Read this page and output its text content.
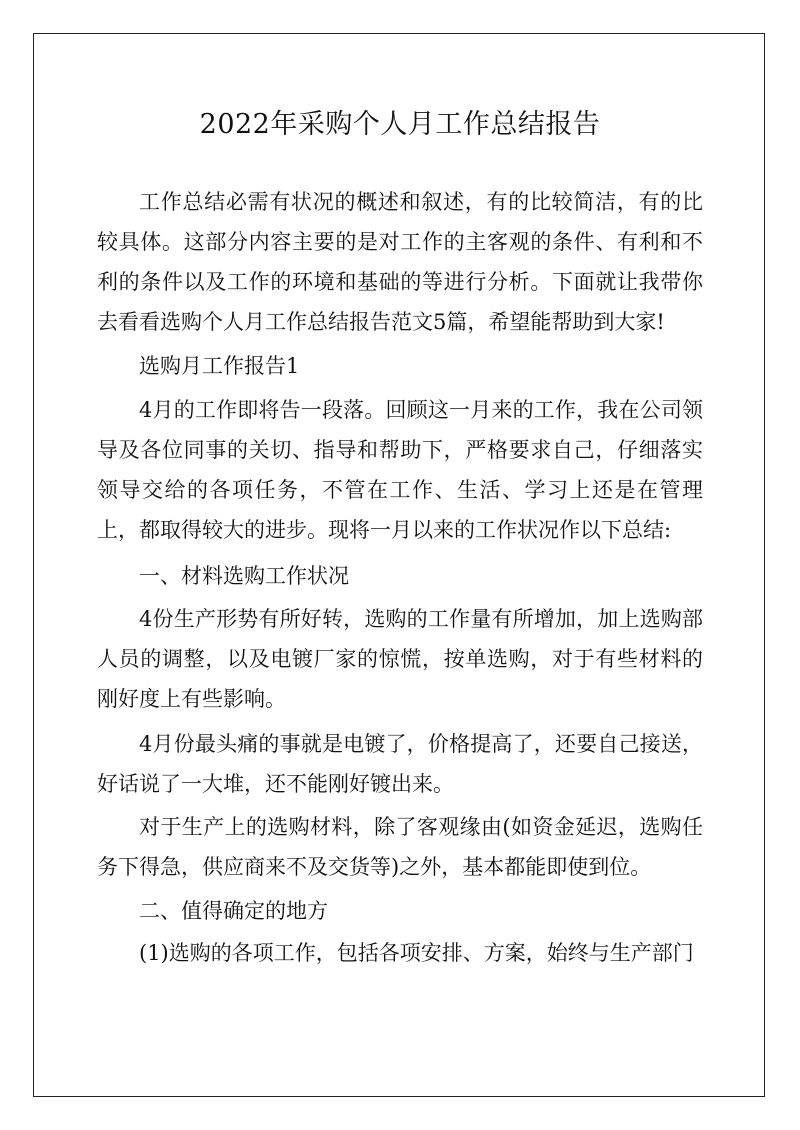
2022年采购个人月工作总结报告

工作总结必需有状况的概述和叙述，有的比较简洁，有的比较具体。这部分内容主要的是对工作的主客观的条件、有利和不利的条件以及工作的环境和基础的等进行分析。下面就让我带你去看看选购个人月工作总结报告范文5篇，希望能帮助到大家!

选购月工作报告1

4月的工作即将告一段落。回顾这一月来的工作，我在公司领导及各位同事的关切、指导和帮助下，严格要求自己，仔细落实领导交给的各项任务，不管在工作、生活、学习上还是在管理上，都取得较大的进步。现将一月以来的工作状况作以下总结:

一、材料选购工作状况

4份生产形势有所好转，选购的工作量有所增加，加上选购部人员的调整，以及电镀厂家的惊慌，按单选购，对于有些材料的刚好度上有些影响。

4月份最头痛的事就是电镀了，价格提高了，还要自己接送，好话说了一大堆，还不能刚好镀出来。

对于生产上的选购材料，除了客观缘由(如资金延迟，选购任务下得急，供应商来不及交货等)之外，基本都能即使到位。

二、值得确定的地方

(1)选购的各项工作，包括各项安排、方案，始终与生产部门
